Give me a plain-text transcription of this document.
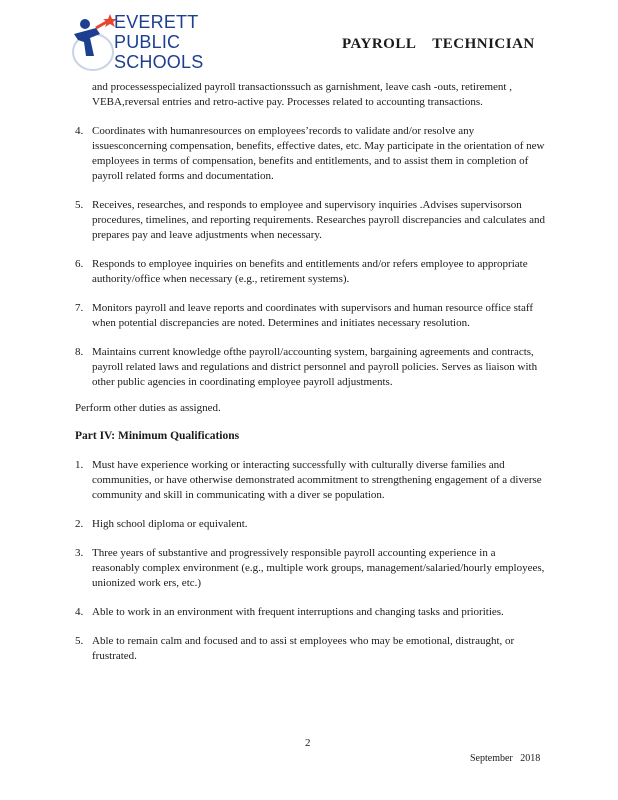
EVERETT
PUBLIC
SCHOOLS
PAYROLL    TECHNICIAN
and processesspecialized payroll transactionssuch as garnishment, leave cash -outs, retirement , VEBA,reversal entries and retro-active pay. Processes related to accounting transactions.
4. Coordinates with humanresources on employees’records to validate and/or resolve any issuesconcerning compensation, benefits, effective dates, etc. May participate in the orientation of new employees in terms of compensation, benefits and entitlements, and to assist them in completion of payroll related forms and documentation.
5. Receives, researches, and responds to employee and supervisory inquiries .Advises supervisorson procedures, timelines, and reporting requirements. Researches payroll discrepancies and calculates and prepares pay and leave adjustments when necessary.
6. Responds to employee inquiries on benefits and entitlements and/or refers employee to appropriate authority/office when necessary (e.g., retirement systems).
7. Monitors payroll and leave reports and coordinates with supervisors and human resource office staff when potential discrepancies are noted. Determines and initiates necessary resolution.
8. Maintains current knowledge ofthe payroll/accounting system, bargaining agreements and contracts, payroll related laws and regulations and district personnel and payroll policies. Serves as liaison with other public agencies in coordinating employee payroll adjustments.
Perform other duties as assigned.
Part IV: Minimum Qualifications
1. Must have experience working or interacting successfully with culturally diverse families and communities, or have otherwise demonstrated acommitment to strengthening engagement of a diverse community and skill in communicating with a diver se population.
2. High school diploma or equivalent.
3. Three years of substantive and progressively responsible payroll accounting experience in a reasonably complex environment (e.g., multiple work groups, management/salaried/hourly employees, unionized work ers, etc.)
4. Able to work in an environment with frequent interruptions and changing tasks and priorities.
5. Able to remain calm and focused and to assi st employees who may be emotional, distraught, or frustrated.
2
September   2018
